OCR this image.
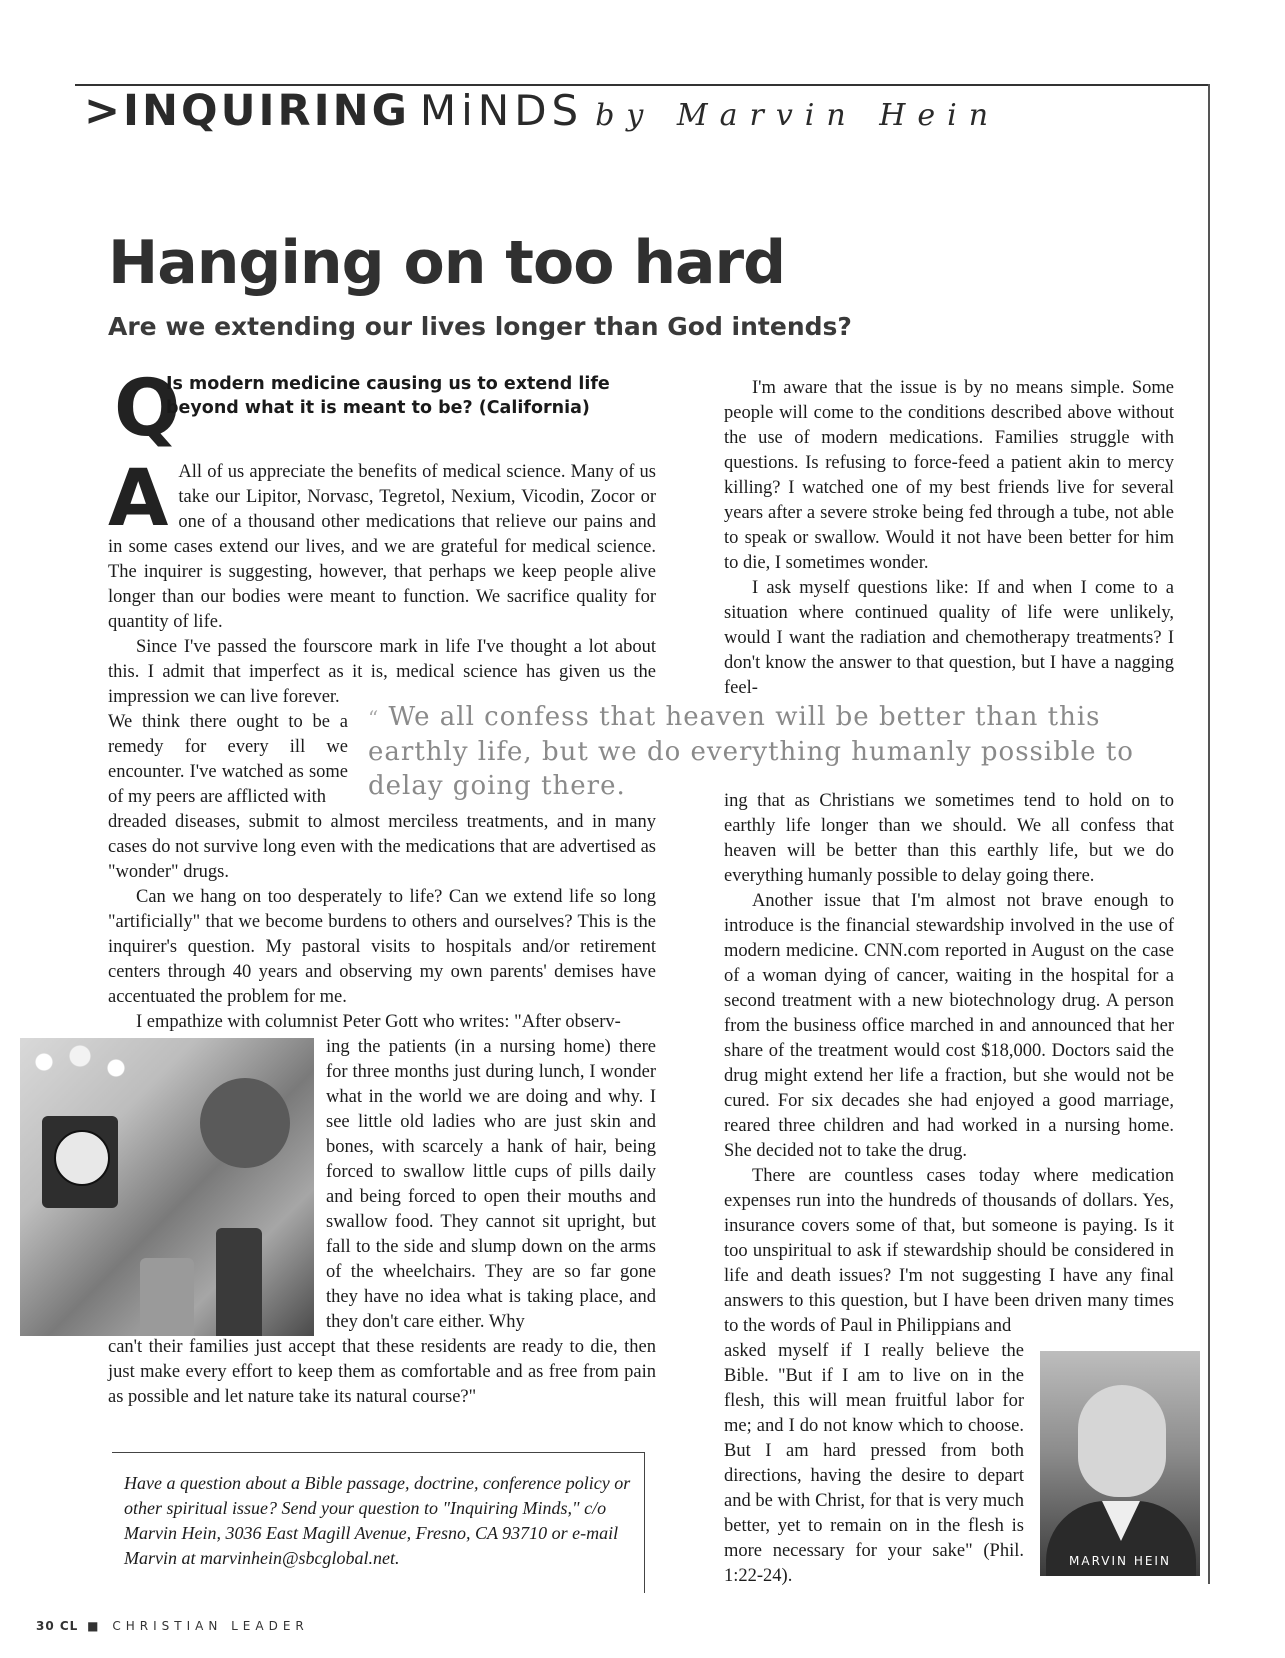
>INQUIRING MiNDS by Marvin Hein
Hanging on too hard
Are we extending our lives longer than God intends?
Q
Is modern medicine causing us to extend life beyond what it is meant to be? (California)
A All of us appreciate the benefits of medical science. Many of us take our Lipitor, Norvasc, Tegretol, Nexium, Vicodin, Zocor or one of a thousand other medications that relieve our pains and in some cases extend our lives, and we are grateful for medical science. The inquirer is suggesting, however, that perhaps we keep people alive longer than our bodies were meant to function. We sacrifice quality for quantity of life.

Since I've passed the fourscore mark in life I've thought a lot about this. I admit that imperfect as it is, medical science has given us the impression we can live forever.

We think there ought to be a remedy for every ill we encounter. I've watched as some of my peers are afflicted with

dreaded diseases, submit to almost merciless treatments, and in many cases do not survive long even with the medications that are advertised as "wonder" drugs.

Can we hang on too desperately to life? Can we extend life so long "artificially" that we become burdens to others and ourselves? This is the inquirer's question. My pastoral visits to hospitals and/or retirement centers through 40 years and observing my own parents' demises have accentuated the problem for me.

I empathize with columnist Peter Gott who writes: "After observ-

ing the patients (in a nursing home) there for three months just during lunch, I wonder what in the world we are doing and why. I see little old ladies who are just skin and bones, with scarcely a hank of hair, being forced to swallow little cups of pills daily and being forced to open their mouths and swallow food. They cannot sit upright, but fall to the side and slump down on the arms of the wheelchairs. They are so far gone they have no idea what is taking place, and they don't care either. Why

can't their families just accept that these residents are ready to die, then just make every effort to keep them as comfortable and as free from pain as possible and let nature take its natural course?"

“ We all confess that heaven will be better than this earthly life, but we do everything humanly possible to delay going there.

I'm aware that the issue is by no means simple. Some people will come to the conditions described above without the use of modern medications. Families struggle with questions. Is refusing to force-feed a patient akin to mercy killing? I watched one of my best friends live for several years after a severe stroke being fed through a tube, not able to speak or swallow. Would it not have been better for him to die, I sometimes wonder.

I ask myself questions like: If and when I come to a situation where continued quality of life were unlikely, would I want the radiation and chemotherapy treatments? I don't know the answer to that question, but I have a nagging feel-

ing that as Christians we sometimes tend to hold on to earthly life longer than we should. We all confess that heaven will be better than this earthly life, but we do everything humanly possible to delay going there.

Another issue that I'm almost not brave enough to introduce is the financial stewardship involved in the use of modern medicine. CNN.com reported in August on the case of a woman dying of cancer, waiting in the hospital for a second treatment with a new biotechnology drug. A person from the business office marched in and announced that her share of the treatment would cost $18,000. Doctors said the drug might extend her life a fraction, but she would not be cured. For six decades she had enjoyed a good marriage, reared three children and had worked in a nursing home. She decided not to take the drug.

There are countless cases today where medication expenses run into the hundreds of thousands of dollars. Yes, insurance covers some of that, but someone is paying. Is it too unspiritual to ask if stewardship should be considered in life and death issues? I'm not suggesting I have any final answers to this question, but I have been driven many times to the words of Paul in Philippians and

asked myself if I really believe the Bible. "But if I am to live on in the flesh, this will mean fruitful labor for me; and I do not know which to choose. But I am hard pressed from both directions, having the desire to depart and be with Christ, for that is very much better, yet to remain on in the flesh is more necessary for your sake" (Phil. 1:22-24).

MARVIN HEIN

Have a question about a Bible passage, doctrine, conference policy or other spiritual issue? Send your question to "Inquiring Minds," c/o Marvin Hein, 3036 East Magill Avenue, Fresno, CA 93710 or e-mail Marvin at marvinhein@sbcglobal.net.

30 CL ■ CHRISTIAN LEADER
